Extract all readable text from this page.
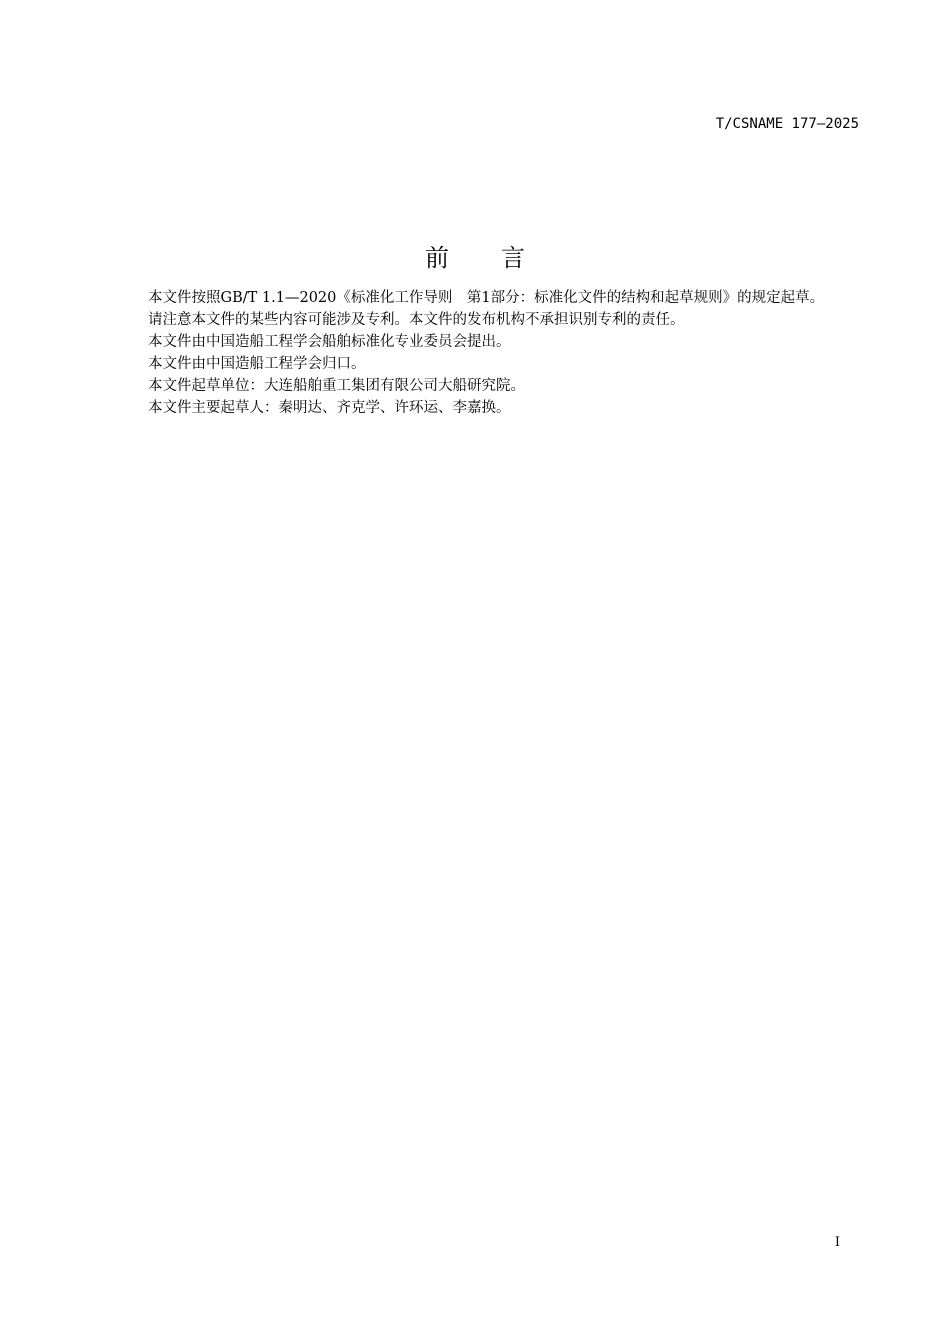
T/CSNAME 177—2025
前言

本文件按照GB/T 1.1—2020《标准化工作导则　第1部分：标准化文件的结构和起草规则》的规定起草。

请注意本文件的某些内容可能涉及专利。本文件的发布机构不承担识别专利的责任。

本文件由中国造船工程学会船舶标准化专业委员会提出。

本文件由中国造船工程学会归口。

本文件起草单位：大连船舶重工集团有限公司大船研究院。

本文件主要起草人：秦明达、齐克学、许环运、李嘉换。

I
